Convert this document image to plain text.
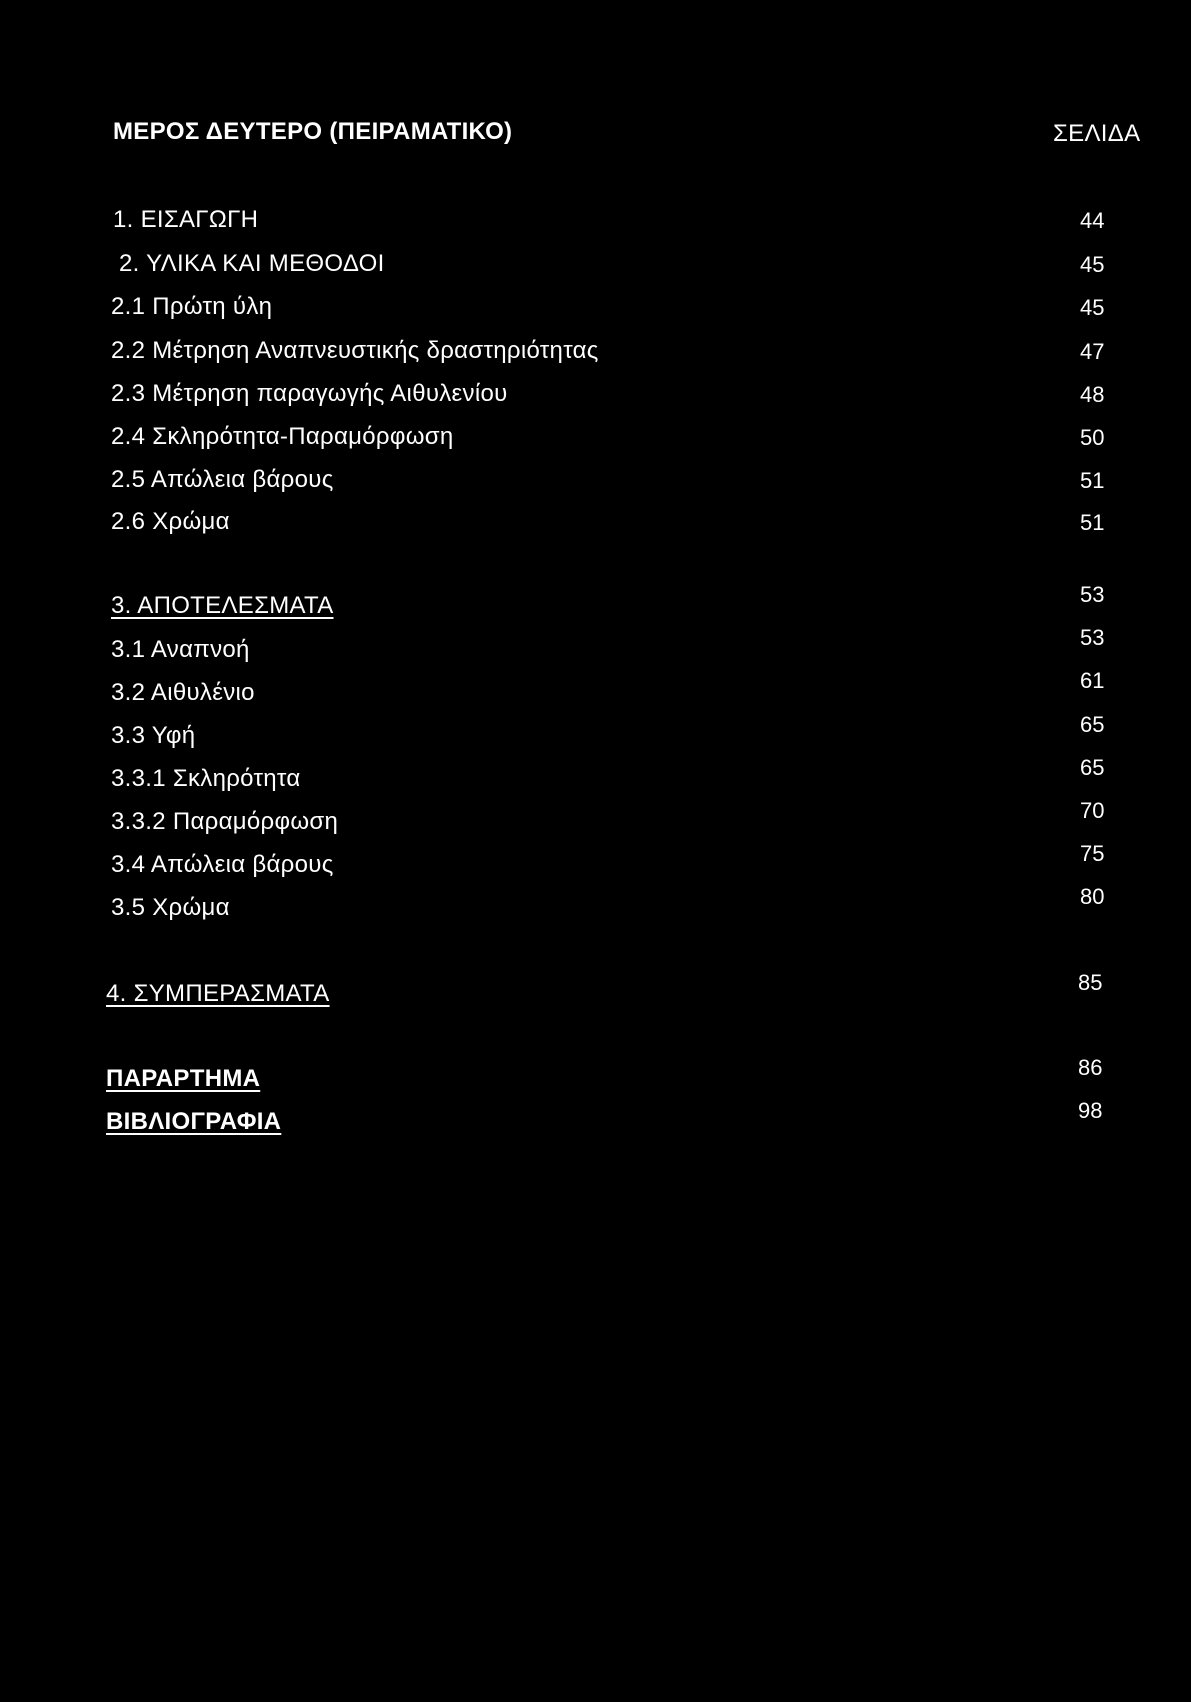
ΜΕΡΟΣ ΔΕΥΤΕΡΟ (ΠΕΙΡΑΜΑΤΙΚΟ)	ΣΕΛΙΔΑ
1. ΕΙΣΑΓΩΓΗ	44
2. ΥΛΙΚΑ ΚΑΙ ΜΕΘΟΔΟΙ	45
2.1 Πρώτη ύλη	45
2.2 Μέτρηση Αναπνευστικής δραστηριότητας	47
2.3 Μέτρηση παραγωγής Αιθυλενίου	48
2.4 Σκληρότητα-Παραμόρφωση	50
2.5 Απώλεια βάρους	51
2.6 Χρώμα	51
3. ΑΠΟΤΕΛΕΣΜΑΤΑ	53
3.1 Αναπνοή	53
3.2 Αιθυλένιο	61
3.3 Υφή	65
3.3.1 Σκληρότητα	65
3.3.2 Παραμόρφωση	70
3.4 Απώλεια βάρους	75
3.5 Χρώμα	80
4. ΣΥΜΠΕΡΑΣΜΑΤΑ	85
ΠΑΡΑΡΤΗΜΑ	86
ΒΙΒΛΙΟΓΡΑΦΙΑ	98
